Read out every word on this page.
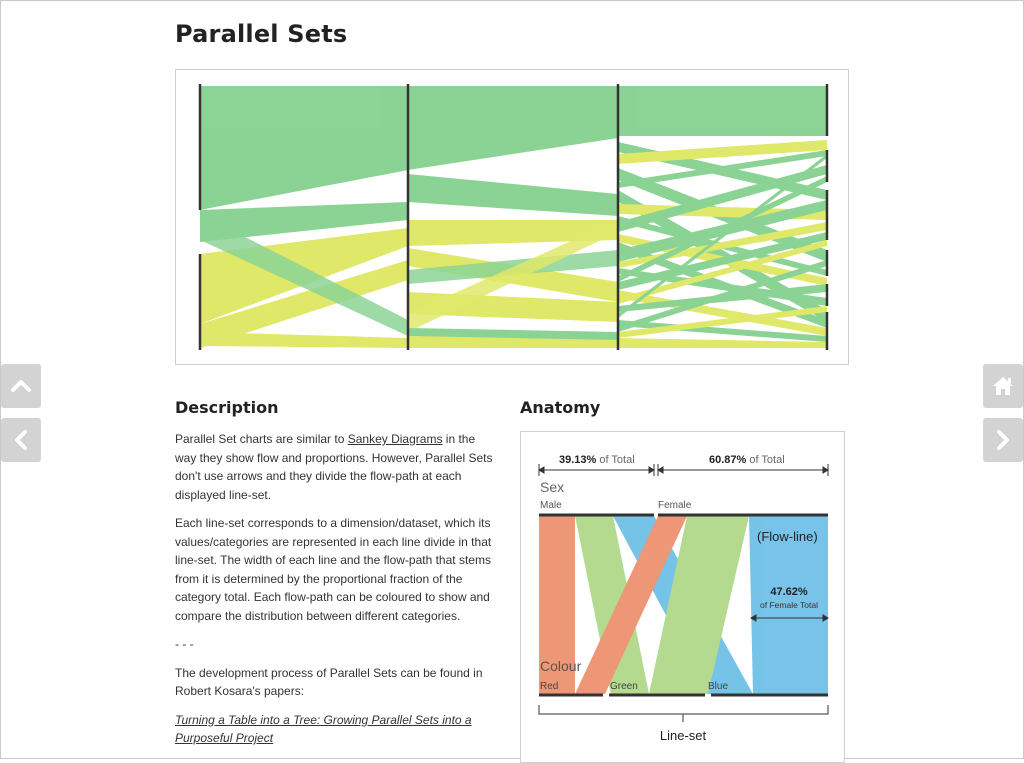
Parallel Sets
Description

Parallel Set charts are similar to Sankey Diagrams in the way they show flow and proportions. However, Parallel Sets don't use arrows and they divide the flow-path at each displayed line-set.

Each line-set corresponds to a dimension/dataset, which its values/categories are represented in each line divide in that line-set. The width of each line and the flow-path that stems from it is determined by the proportional fraction of the category total. Each flow-path can be coloured to show and compare the distribution between different categories.

- - -

The development process of Parallel Sets can be found in Robert Kosara's papers:

Turning a Table into a Tree: Growing Parallel Sets into a Purposeful Project

Anatomy
39.13% of Total	60.87% of Total
Sex
Male	Female
(Flow-line)
47.62%
of Female Total
Colour
Red	Green	Blue
Line-set
